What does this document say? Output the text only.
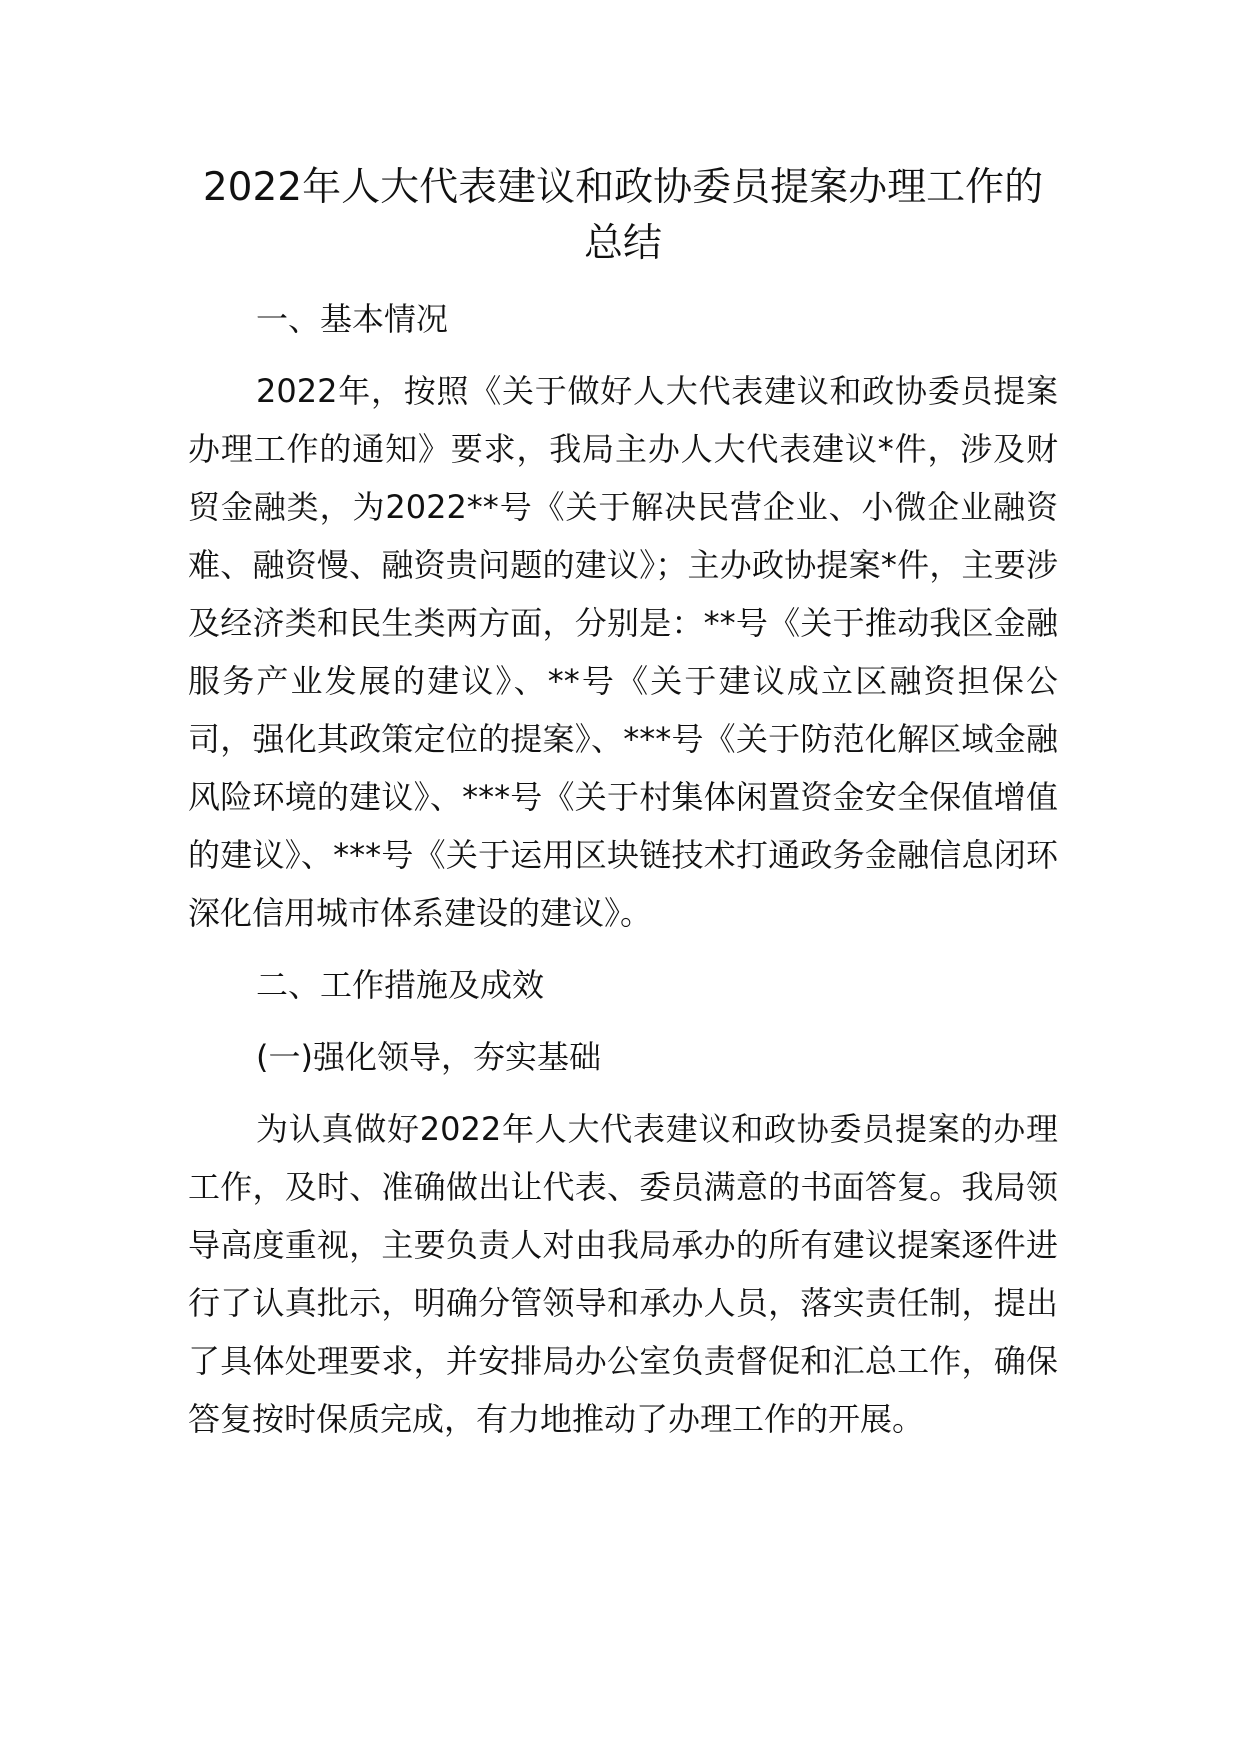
2022年人大代表建议和政协委员提案办理工作的总结

一、基本情况

2022年，按照《关于做好人大代表建议和政协委员提案办理工作的通知》要求，我局主办人大代表建议*件，涉及财贸金融类，为2022**号《关于解决民营企业、小微企业融资难、融资慢、融资贵问题的建议》；主办政协提案*件，主要涉及经济类和民生类两方面，分别是：**号《关于推动我区金融服务产业发展的建议》、**号《关于建议成立区融资担保公司，强化其政策定位的提案》、***号《关于防范化解区域金融风险环境的建议》、***号《关于村集体闲置资金安全保值增值的建议》、***号《关于运用区块链技术打通政务金融信息闭环深化信用城市体系建设的建议》。

二、工作措施及成效

(一)强化领导，夯实基础

为认真做好2022年人大代表建议和政协委员提案的办理工作，及时、准确做出让代表、委员满意的书面答复。我局领导高度重视，主要负责人对由我局承办的所有建议提案逐件进行了认真批示，明确分管领导和承办人员，落实责任制，提出了具体处理要求，并安排局办公室负责督促和汇总工作，确保答复按时保质完成，有力地推动了办理工作的开展。
